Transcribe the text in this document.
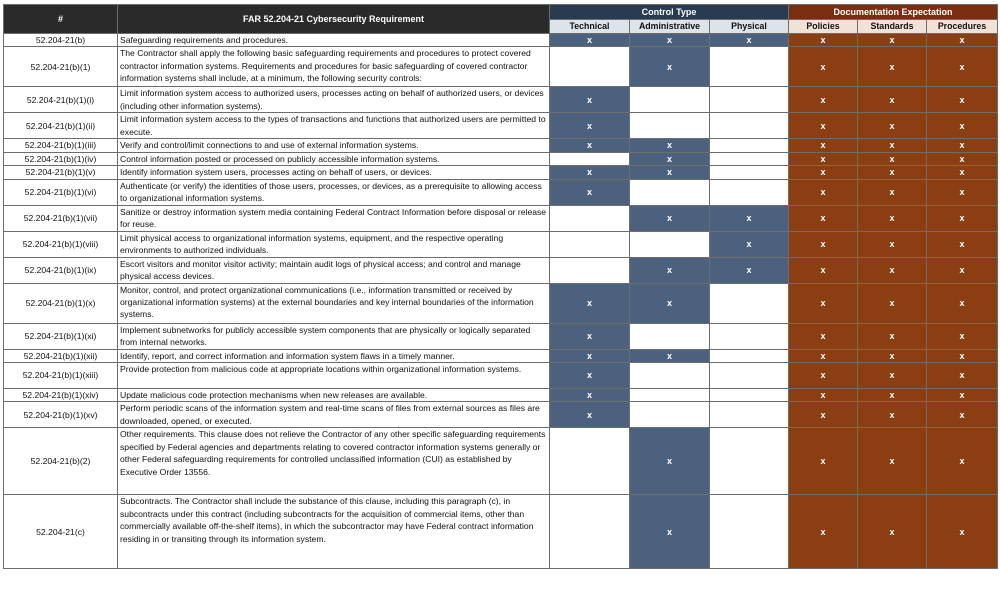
#	FAR 52.204-21 Cybersecurity Requirement	Control Type			Documentation Expectation		
		Technical	Administrative	Physical	Policies	Standards	Procedures
52.204-21(b)	Safeguarding requirements and procedures.	x	x	x	x	x	x
52.204-21(b)(1)	The Contractor shall apply the following basic safeguarding requirements and procedures to protect covered contractor information systems. Requirements and procedures for basic safeguarding of covered contractor information systems shall include, at a minimum, the following security controls:		x		x	x	x
52.204-21(b)(1)(i)	Limit information system access to authorized users, processes acting on behalf of authorized users, or devices (including other information systems).	x			x	x	x
52.204-21(b)(1)(ii)	Limit information system access to the types of transactions and functions that authorized users are permitted to execute.	x			x	x	x
52.204-21(b)(1)(iii)	Verify and control/limit connections to and use of external information systems.	x	x		x	x	x
52.204-21(b)(1)(iv)	Control information posted or processed on publicly accessible information systems.		x		x	x	x
52.204-21(b)(1)(v)	Identify information system users, processes acting on behalf of users, or devices.	x	x		x	x	x
52.204-21(b)(1)(vi)	Authenticate (or verify) the identities of those users, processes, or devices, as a prerequisite to allowing access to organizational information systems.	x			x	x	x
52.204-21(b)(1)(vii)	Sanitize or destroy information system media containing Federal Contract Information before disposal or release for reuse.		x	x	x	x	x
52.204-21(b)(1)(viii)	Limit physical access to organizational information systems, equipment, and the respective operating environments to authorized individuals.			x	x	x	x
52.204-21(b)(1)(ix)	Escort visitors and monitor visitor activity; maintain audit logs of physical access; and control and manage physical access devices.		x	x	x	x	x
52.204-21(b)(1)(x)	Monitor, control, and protect organizational communications (i.e., information transmitted or received by organizational information systems) at the external boundaries and key internal boundaries of the information systems.	x	x		x	x	x
52.204-21(b)(1)(xi)	Implement subnetworks for publicly accessible system components that are physically or logically separated from internal networks.	x			x	x	x
52.204-21(b)(1)(xii)	Identify, report, and correct information and information system flaws in a timely manner.	x	x		x	x	x
52.204-21(b)(1)(xiii)	Provide protection from malicious code at appropriate locations within organizational information systems.	x			x	x	x
52.204-21(b)(1)(xiv)	Update malicious code protection mechanisms when new releases are available.	x			x	x	x
52.204-21(b)(1)(xv)	Perform periodic scans of the information system and real-time scans of files from external sources as files are downloaded, opened, or executed.	x			x	x	x
52.204-21(b)(2)	Other requirements. This clause does not relieve the Contractor of any other specific safeguarding requirements specified by Federal agencies and departments relating to covered contractor information systems generally or other Federal safeguarding requirements for controlled unclassified information (CUI) as established by Executive Order 13556.		x		x	x	x
52.204-21(c)	Subcontracts. The Contractor shall include the substance of this clause, including this paragraph (c), in subcontracts under this contract (including subcontracts for the acquisition of commercial items, other than commercially available off-the-shelf items), in which the subcontractor may have Federal contract information residing in or transiting through its information system.		x		x	x	x
